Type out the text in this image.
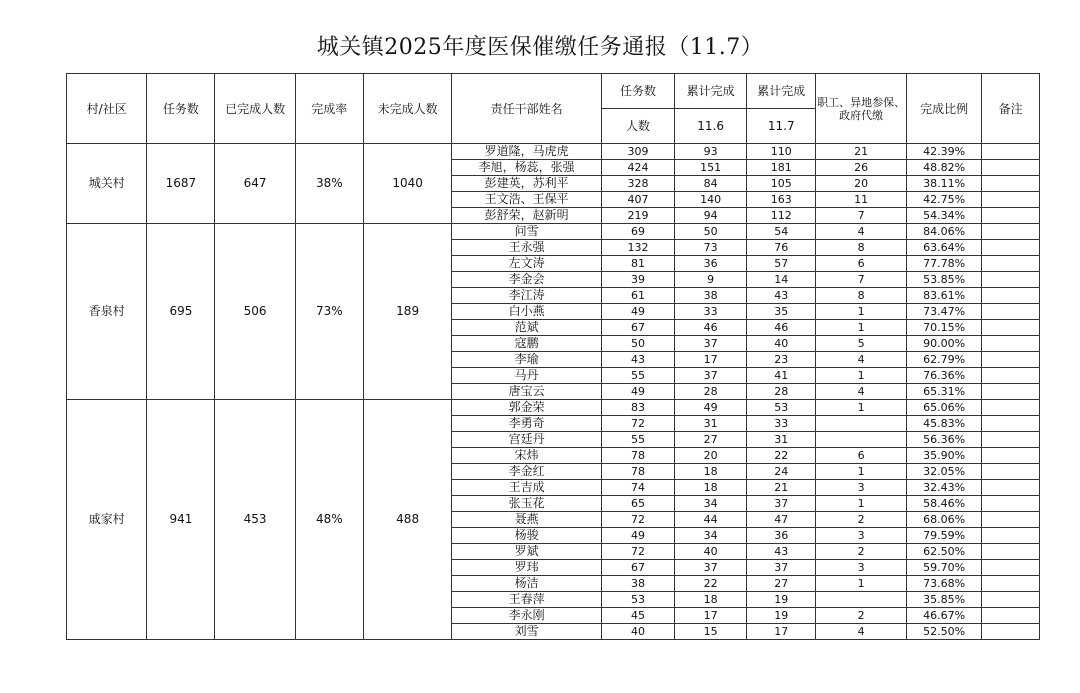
城关镇2025年度医保催缴任务通报（11.7）
村/社区	任务数	已完成人数	完成率	未完成人数	责任干部姓名	任务数	累计完成	累计完成	职工、异地参保、政府代缴	完成比例	备注
						人数	11.6	11.7			
城关村	1687	647	38%	1040	罗道隆，马虎虎	309	93	110	21	42.39%	
					李旭，杨蕊，张强	424	151	181	26	48.82%	
					彭建英，苏利平	328	84	105	20	38.11%	
					王文浩、王保平	407	140	163	11	42.75%	
					彭舒荣，赵新明	219	94	112	7	54.34%	
香泉村	695	506	73%	189	问雪	69	50	54	4	84.06%	
					王永强	132	73	76	8	63.64%	
					左文涛	81	36	57	6	77.78%	
					李金会	39	9	14	7	53.85%	
					李江涛	61	38	43	8	83.61%	
					白小燕	49	33	35	1	73.47%	
					范斌	67	46	46	1	70.15%	
					寇鹏	50	37	40	5	90.00%	
					李瑜	43	17	23	4	62.79%	
					马丹	55	37	41	1	76.36%	
					唐宝云	49	28	28	4	65.31%	
戚家村	941	453	48%	488	郭金荣	83	49	53	1	65.06%	
					李勇奇	72	31	33		45.83%	
					宫廷丹	55	27	31		56.36%	
					宋炜	78	20	22	6	35.90%	
					李金红	78	18	24	1	32.05%	
					王吉成	74	18	21	3	32.43%	
					张玉花	65	34	37	1	58.46%	
					聂燕	72	44	47	2	68.06%	
					杨骏	49	34	36	3	79.59%	
					罗斌	72	40	43	2	62.50%	
					罗玮	67	37	37	3	59.70%	
					杨洁	38	22	27	1	73.68%	
					王春萍	53	18	19		35.85%	
					李永刚	45	17	19	2	46.67%	
					刘雪	40	15	17	4	52.50%	
